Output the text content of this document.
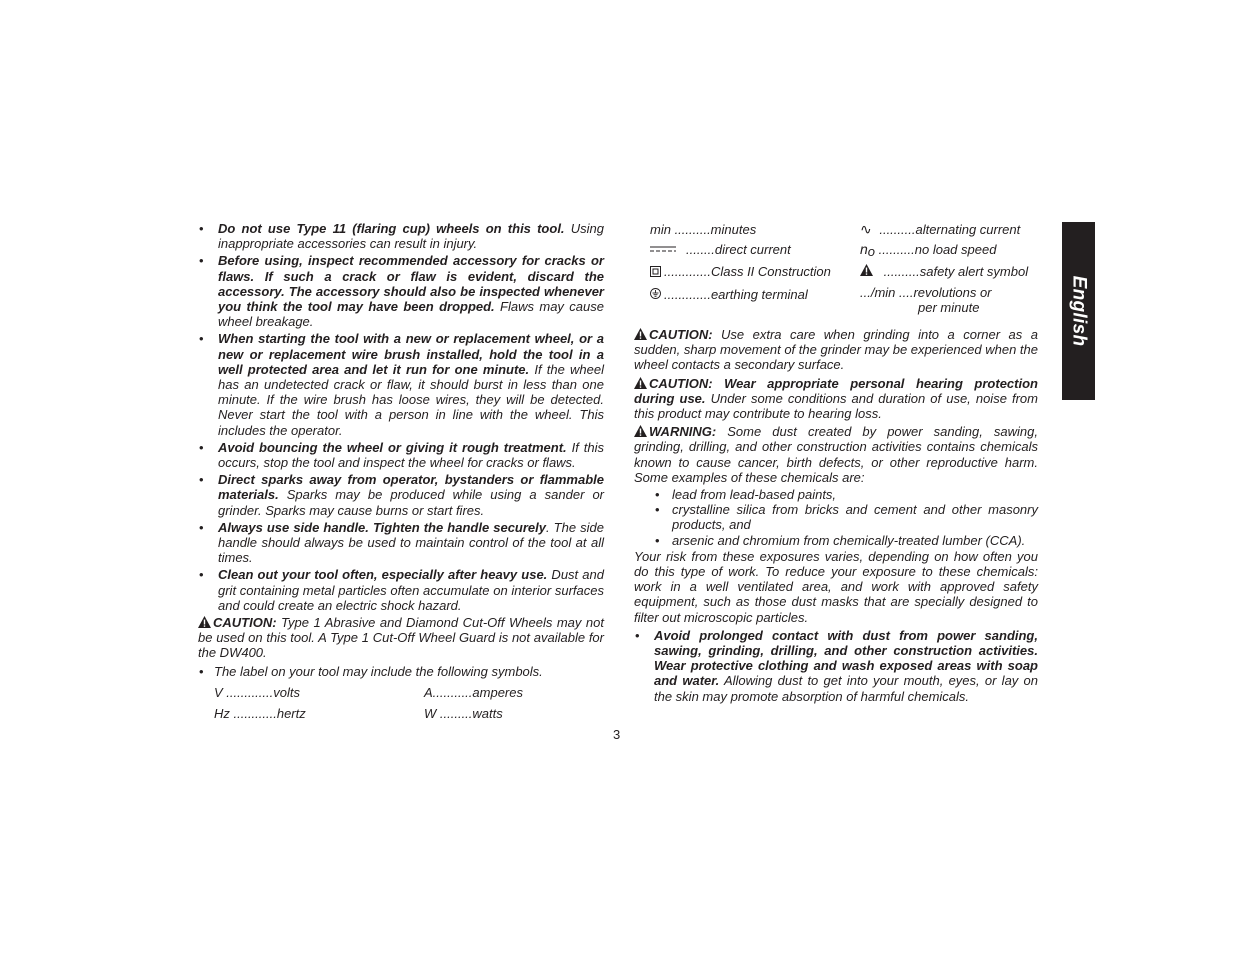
• Do not use Type 11 (flaring cup) wheels on this tool. Using inappropriate accessories can result in injury.
• Before using, inspect recommended accessory for cracks or flaws. If such a crack or flaw is evident, discard the accessory. The accessory should also be inspected whenever you think the tool may have been dropped. Flaws may cause wheel breakage.
• When starting the tool with a new or replacement wheel, or a new or replacement wire brush installed, hold the tool in a well protected area and let it run for one minute. If the wheel has an undetected crack or flaw, it should burst in less than one minute. If the wire brush has loose wires, they will be detected. Never start the tool with a person in line with the wheel. This includes the operator.
• Avoid bouncing the wheel or giving it rough treatment. If this occurs, stop the tool and inspect the wheel for cracks or flaws.
• Direct sparks away from operator, bystanders or flammable materials. Sparks may be produced while using a sander or grinder. Sparks may cause burns or start fires.
• Always use side handle. Tighten the handle securely. The side handle should always be used to maintain control of the tool at all times.
• Clean out your tool often, especially after heavy use. Dust and grit containing metal particles often accumulate on interior surfaces and could create an electric shock hazard.

CAUTION: Type 1 Abrasive and Diamond Cut-Off Wheels may not be used on this tool. A Type 1 Cut-Off Wheel Guard is not available for the DW400.

• The label on your tool may include the following symbols.
V .............volts	A...........amperes
Hz ............hertz	W .........watts
min ..........minutes	∿ ..........alternating current
........direct current	no ..........no load speed
.............Class II Construction	..........safety alert symbol
.............earthing terminal	.../min ....revolutions or
per minute

CAUTION: Use extra care when grinding into a corner as a sudden, sharp movement of the grinder may be experienced when the wheel contacts a secondary surface.

CAUTION: Wear appropriate personal hearing protection during use. Under some conditions and duration of use, noise from this product may contribute to hearing loss.

WARNING: Some dust created by power sanding, sawing, grinding, drilling, and other construction activities contains chemicals known to cause cancer, birth defects, or other reproductive harm. Some examples of these chemicals are:

• lead from lead-based paints,
• crystalline silica from bricks and cement and other masonry products, and
• arsenic and chromium from chemically-treated lumber (CCA).

Your risk from these exposures varies, depending on how often you do this type of work. To reduce your exposure to these chemicals: work in a well ventilated area, and work with approved safety equipment, such as those dust masks that are specially designed to filter out microscopic particles.

• Avoid prolonged contact with dust from power sanding, sawing, grinding, drilling, and other construction activities. Wear protective clothing and wash exposed areas with soap and water. Allowing dust to get into your mouth, eyes, or lay on the skin may promote absorption of harmful chemicals.
3
English
